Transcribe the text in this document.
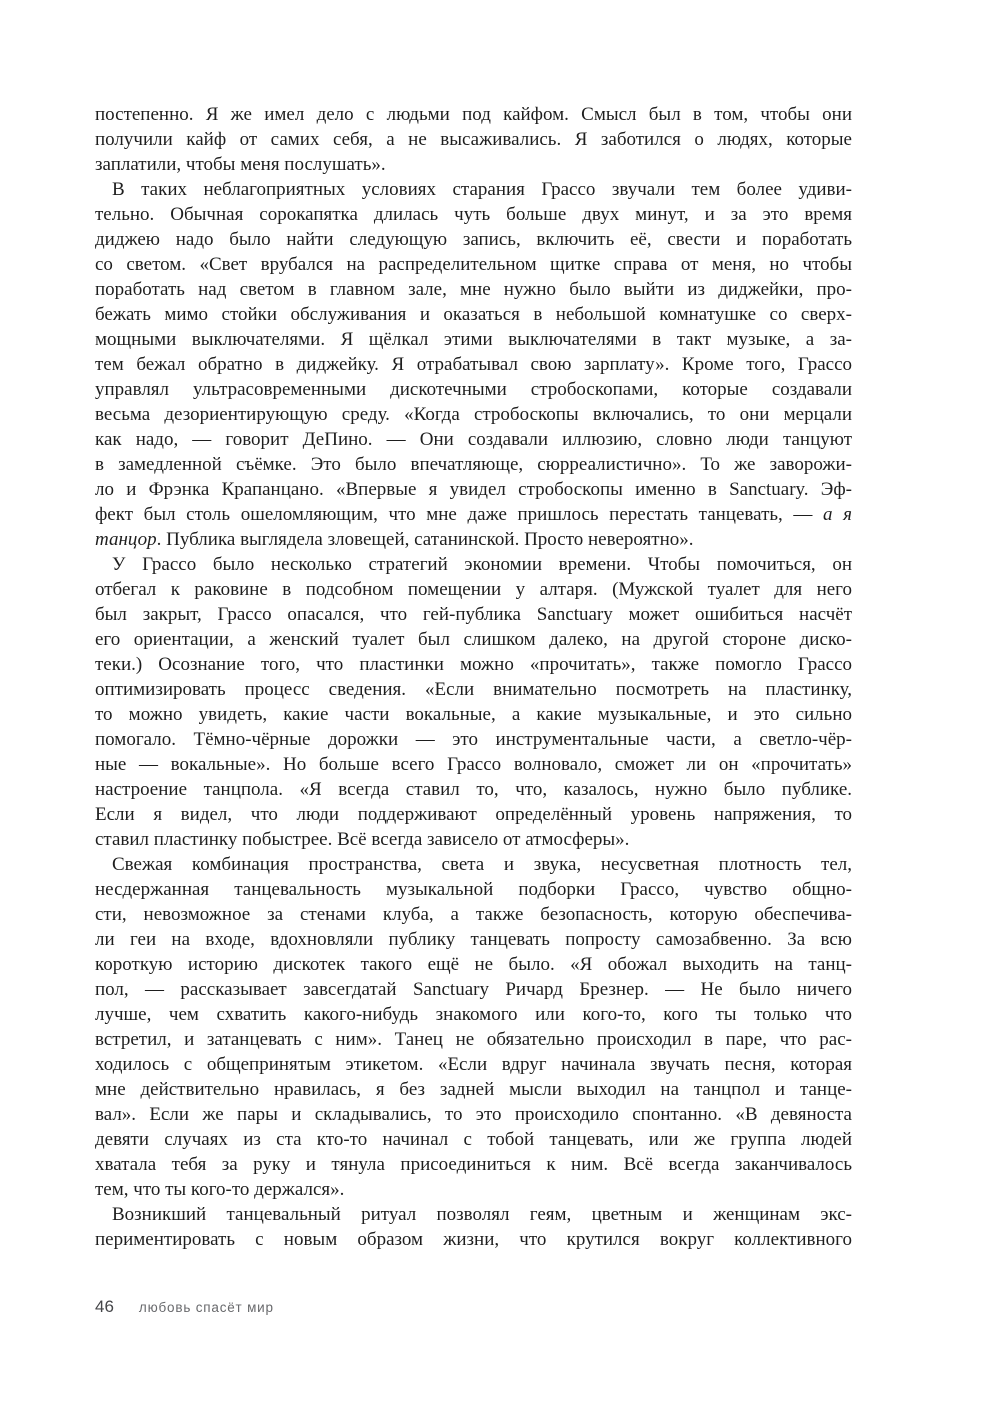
постепенно. Я же имел дело с людьми под кайфом. Смысл был в том, чтобы они
получили кайф от самих себя, а не высаживались. Я заботился о людях, которые
заплатили, чтобы меня послушать».
В таких неблагоприятных условиях старания Грассо звучали тем более удиви-
тельно. Обычная сорокапятка длилась чуть больше двух минут, и за это время
диджею надо было найти следующую запись, включить её, свести и поработать
со светом. «Свет врубался на распределительном щитке справа от меня, но чтобы
поработать над светом в главном зале, мне нужно было выйти из диджейки, про-
бежать мимо стойки обслуживания и оказаться в небольшой комнатушке со сверх-
мощными выключателями. Я щёлкал этими выключателями в такт музыке, а за-
тем бежал обратно в диджейку. Я отрабатывал свою зарплату». Кроме того, Грассо
управлял ультрасовременными дискотечными стробоскопами, которые создавали
весьма дезориентирующую среду. «Когда стробоскопы включались, то они мерцали
как надо, — говорит ДеПино. — Они создавали иллюзию, словно люди танцуют
в замедленной съёмке. Это было впечатляюще, сюрреалистично». То же заворожи-
ло и Фрэнка Крапанцано. «Впервые я увидел стробоскопы именно в Sanctuary. Эф-
фект был столь ошеломляющим, что мне даже пришлось перестать танцевать, — а я
танцор. Публика выглядела зловещей, сатанинской. Просто невероятно».
У Грассо было несколько стратегий экономии времени. Чтобы помочиться, он
отбегал к раковине в подсобном помещении у алтаря. (Мужской туалет для него
был закрыт, Грассо опасался, что гей-публика Sanctuary может ошибиться насчёт
его ориентации, а женский туалет был слишком далеко, на другой стороне диско-
теки.) Осознание того, что пластинки можно «прочитать», также помогло Грассо
оптимизировать процесс сведения. «Если внимательно посмотреть на пластинку,
то можно увидеть, какие части вокальные, а какие музыкальные, и это сильно
помогало. Тёмно-чёрные дорожки — это инструментальные части, а светло-чёр-
ные — вокальные». Но больше всего Грассо волновало, сможет ли он «прочитать»
настроение танцпола. «Я всегда ставил то, что, казалось, нужно было публике.
Если я видел, что люди поддерживают определённый уровень напряжения, то
ставил пластинку побыстрее. Всё всегда зависело от атмосферы».
Свежая комбинация пространства, света и звука, несусветная плотность тел,
несдержанная танцевальность музыкальной подборки Грассо, чувство общно-
сти, невозможное за стенами клуба, а также безопасность, которую обеспечива-
ли геи на входе, вдохновляли публику танцевать попросту самозабвенно. За всю
короткую историю дискотек такого ещё не было. «Я обожал выходить на танц-
пол, — рассказывает завсегдатай Sanctuary Ричард Брезнер. — Не было ничего
лучше, чем схватить какого-нибудь знакомого или кого-то, кого ты только что
встретил, и затанцевать с ним». Танец не обязательно происходил в паре, что рас-
ходилось с общепринятым этикетом. «Если вдруг начинала звучать песня, которая
мне действительно нравилась, я без задней мысли выходил на танцпол и танце-
вал». Если же пары и складывались, то это происходило спонтанно. «В девяноста
девяти случаях из ста кто-то начинал с тобой танцевать, или же группа людей
хватала тебя за руку и тянула присоединиться к ним. Всё всегда заканчивалось
тем, что ты кого-то держался».
Возникший танцевальный ритуал позволял геям, цветным и женщинам экс-
периментировать с новым образом жизни, что крутился вокруг коллективного
46 любовь спасёт мир
